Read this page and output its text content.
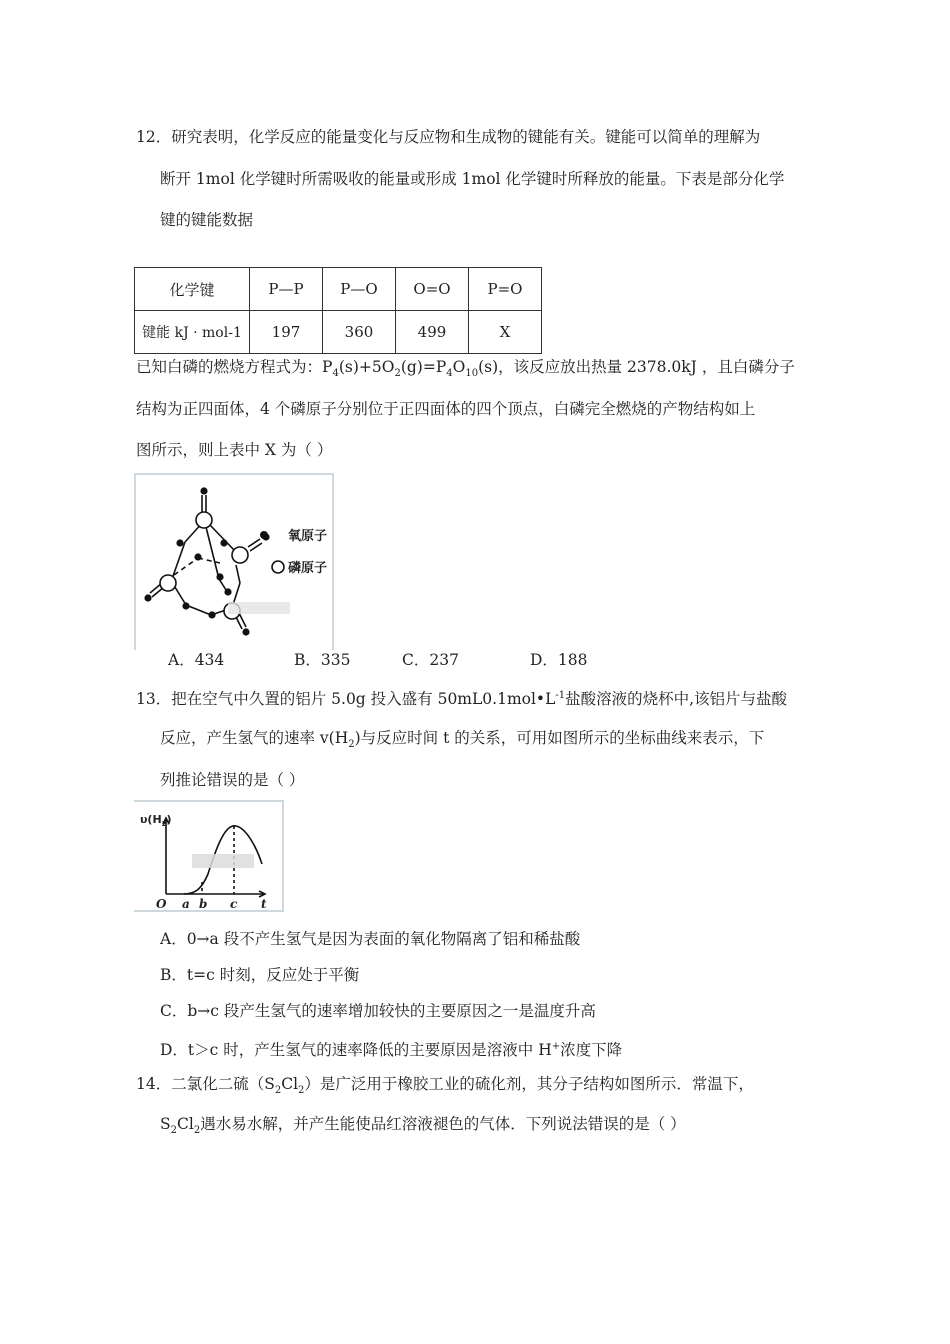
12．研究表明，化学反应的能量变化与反应物和生成物的键能有关。键能可以简单的理解为
断开 1mol 化学键时所需吸收的能量或形成 1mol 化学键时所释放的能量。下表是部分化学
键的键能数据
化学键	P—P	P—O	O=O	P=O
键能 kJ · mol-1	197	360	499	X
已知白磷的燃烧方程式为：$P_4(s)+5O_2(g)=P_4O_{10}(s)$，该反应放出热量 2378.0kJ ，且白磷分子
结构为正四面体，4 个磷原子分别位于正四面体的四个顶点，白磷完全燃烧的产物结构如上
图所示，则上表中 X 为（ ）
氧原子
磷原子
A．434	B．335	C．237	D．188
13．把在空气中久置的铝片 5.0g 投入盛有 $50mL0.1mol•L^{-1}$盐酸溶液的烧杯中,该铝片与盐酸
反应，产生氢气的速率 $v(H_2)$与反应时间 t 的关系，可用如图所示的坐标曲线来表示，下
列推论错误的是（ ）
$\upsilon(H_2)$
O a b c t
A．0→a 段不产生氢气是因为表面的氧化物隔离了铝和稀盐酸
B．t=c 时刻，反应处于平衡
C．b→c 段产生氢气的速率增加较快的主要原因之一是温度升高
D．t＞c 时，产生氢气的速率降低的主要原因是溶液中 H+浓度下降
14．二氯化二硫$(S_2Cl_2)$是广泛用于橡胶工业的硫化剂，其分子结构如图所示．常温下，
$S_2Cl_2$遇水易水解，并产生能使品红溶液褪色的气体．下列说法错误的是（ ）
